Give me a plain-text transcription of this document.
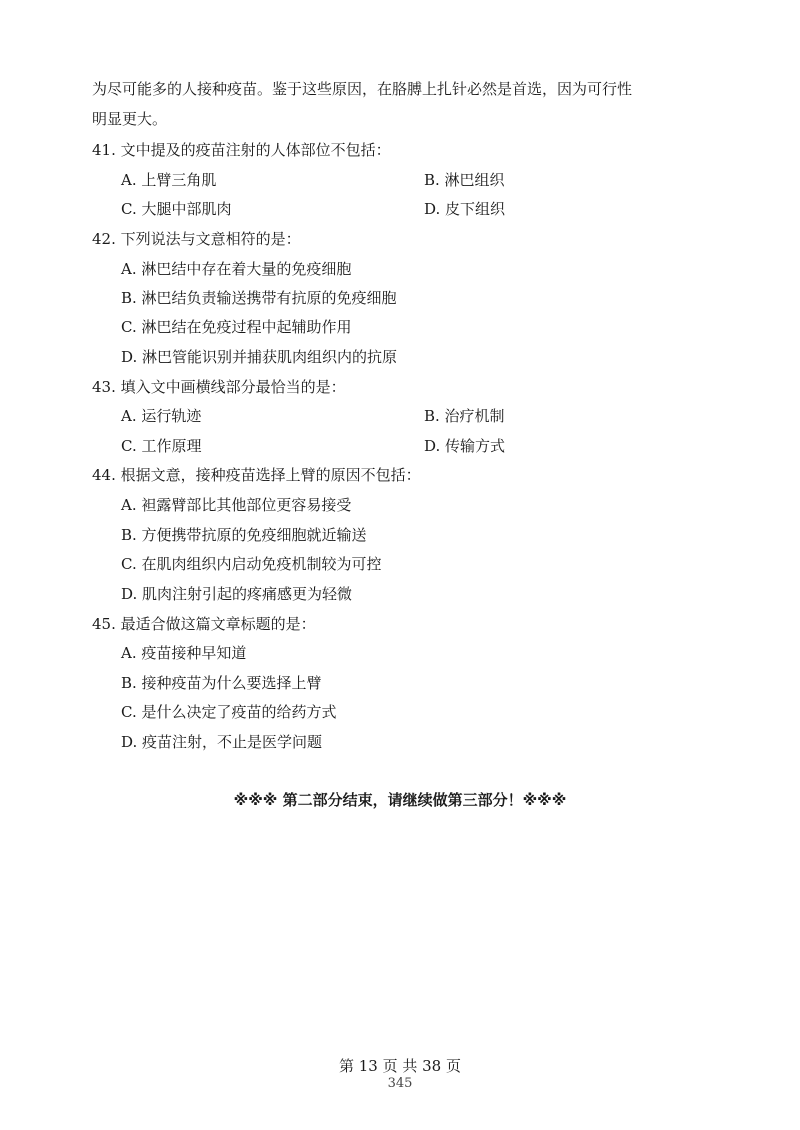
为尽可能多的人接种疫苗。鉴于这些原因，在胳膊上扎针必然是首选，因为可行性
明显更大。
41. 文中提及的疫苗注射的人体部位不包括：
A. 上臂三角肌	B. 淋巴组织
C. 大腿中部肌肉	D. 皮下组织
42. 下列说法与文意相符的是：
A. 淋巴结中存在着大量的免疫细胞
B. 淋巴结负责输送携带有抗原的免疫细胞
C. 淋巴结在免疫过程中起辅助作用
D. 淋巴管能识别并捕获肌肉组织内的抗原
43. 填入文中画横线部分最恰当的是：
A. 运行轨迹	B. 治疗机制
C. 工作原理	D. 传输方式
44. 根据文意，接种疫苗选择上臂的原因不包括：
A. 袒露臂部比其他部位更容易接受
B. 方便携带抗原的免疫细胞就近输送
C. 在肌肉组织内启动免疫机制较为可控
D. 肌肉注射引起的疼痛感更为轻微
45. 最适合做这篇文章标题的是：
A. 疫苗接种早知道
B. 接种疫苗为什么要选择上臂
C. 是什么决定了疫苗的给药方式
D. 疫苗注射，不止是医学问题
※※※ 第二部分结束，请继续做第三部分！※※※
第 13 页 共 38 页
345
